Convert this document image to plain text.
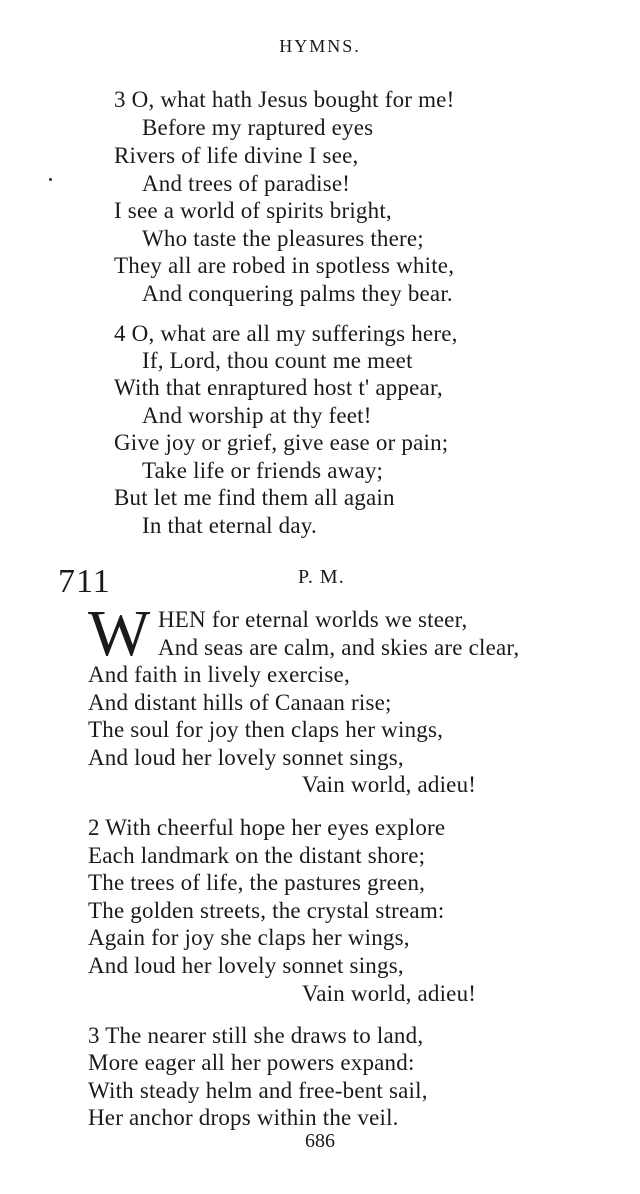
HYMNS.
3 O, what hath Jesus bought for me!
Before my raptured eyes
Rivers of life divine I see,
And trees of paradise!
I see a world of spirits bright,
Who taste the pleasures there;
They all are robed in spotless white,
And conquering palms they bear.
4 O, what are all my sufferings here,
If, Lord, thou count me meet
With that enraptured host t' appear,
And worship at thy feet!
Give joy or grief, give ease or pain;
Take life or friends away;
But let me find them all again
In that eternal day.
711	P. M.
W HEN for eternal worlds we steer,
And seas are calm, and skies are clear,
And faith in lively exercise,
And distant hills of Canaan rise;
The soul for joy then claps her wings,
And loud her lovely sonnet sings,
Vain world, adieu!
2 With cheerful hope her eyes explore
Each landmark on the distant shore;
The trees of life, the pastures green,
The golden streets, the crystal stream:
Again for joy she claps her wings,
And loud her lovely sonnet sings,
Vain world, adieu!
3 The nearer still she draws to land,
More eager all her powers expand:
With steady helm and free-bent sail,
Her anchor drops within the veil.
686
